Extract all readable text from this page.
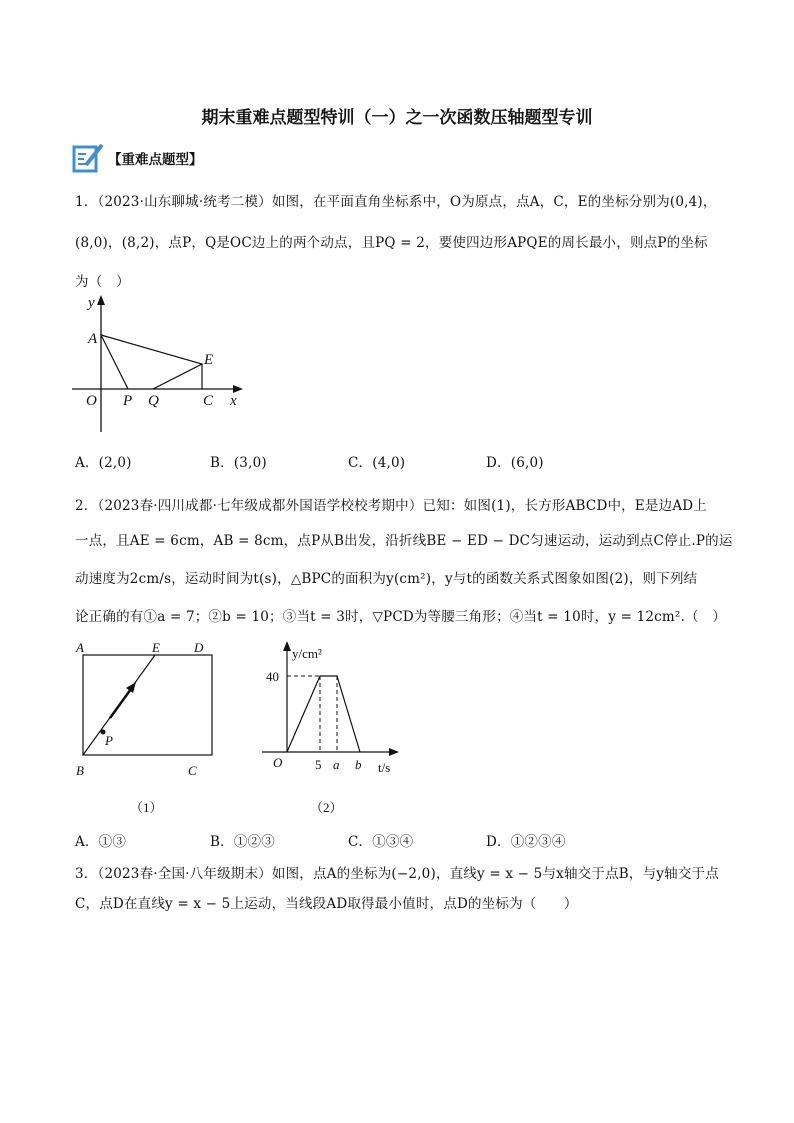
期末重难点题型特训（一）之一次函数压轴题型专训
【重难点题型】
1．（2023·山东聊城·统考二模）如图，在平面直角坐标系中，O为原点，点A，C，E的坐标分别为(0,4)，
(8,0)，(8,2)，点P，Q是OC边上的两个动点，且PQ = 2，要使四边形APQE的周长最小，则点P的坐标
为（　）
y
A
E
O P Q	C x
A	E	D
B	C
P
（1）
y/cm²
40
O	5 a b t/s
（2）
A．(2,0)	B．(3,0)	C．(4,0)	D．(6,0)
2．（2023春·四川成都·七年级成都外国语学校校考期中）已知：如图(1)，长方形ABCD中，E是边AD上
一点，且AE = 6cm，AB = 8cm，点P从B出发，沿折线BE − ED − DC匀速运动，运动到点C停止.P的运
动速度为2cm/s，运动时间为t(s)，△BPC的面积为y(cm²)，y与t的函数关系式图象如图(2)，则下列结
论正确的有①a = 7；②b = 10；③当t = 3时，▽PCD为等腰三角形；④当t = 10时，y = 12cm².（　）
A．①③	B．①②③	C．①③④	D．①②③④
3．（2023春·全国·八年级期末）如图，点A的坐标为(−2,0)，直线y = x − 5与x轴交于点B，与y轴交于点
C，点D在直线y = x − 5上运动，当线段AD取得最小值时，点D的坐标为（　　）
